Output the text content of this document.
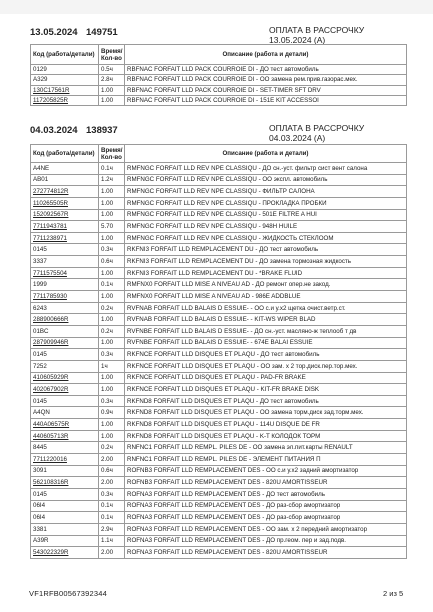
13.05.2024 149751	ОПЛАТА В РАССРОЧКУ
13.05.2024 (A)
Код (работа/детали)	Время/ Кол-во	Описание (работа и детали)
0129	0.5ч	RBFNAC FORFAIT LLD PACK COURROIE DI - ДО тест автомобиль
A329	2.8ч	RBFNAC FORFAIT LLD PACK COURROIE DI - ОО замена рем.прив.газорас.мех.
130C17561R	1.00	RBFNAC FORFAIT LLD PACK COURROIE DI - SET-TIMER SFT DRV
117205825R	1.00	RBFNAC FORFAIT LLD PACK COURROIE DI - 151E KIT ACCESSOI
04.03.2024 138937	ОПЛАТА В РАССРОЧКУ
04.03.2024 (A)
Код (работа/детали)	Время/ Кол-во	Описание (работа и детали)
A4NE	0.1ч	RMFNGC FORFAIT LLD REV NPE CLASSIQU - ДО сн.-уст. фильтр сист вент салона
AB01	1.2ч	RMFNGC FORFAIT LLD REV NPE CLASSIQU - ОО экспл. автомобиль
272774812R	1.00	RMFNGC FORFAIT LLD REV NPE CLASSIQU - ФИЛЬТР САЛОНА
110265505R	1.00	RMFNGC FORFAIT LLD REV NPE CLASSIQU - ПРОКЛАДКА ПРОБКИ
152092567R	1.00	RMFNGC FORFAIT LLD REV NPE CLASSIQU - 501E FILTRE A HUI
7711943781	5.70	RMFNGC FORFAIT LLD REV NPE CLASSIQU - 948H HUILE
7711238971	1.00	RMFNGC FORFAIT LLD REV NPE CLASSIQU - ЖИДКОСТЬ СТЕКЛООМ
0145	0.3ч	RKFNI3 FORFAIT LLD REMPLACEMENT DU - ДО тест автомобиль
3337	0.6ч	RKFNI3 FORFAIT LLD REMPLACEMENT DU - ДО замена тормозная жидкость
7711575504	1.00	RKFNI3 FORFAIT LLD REMPLACEMENT DU - *BRAKE FLUID
1999	0.1ч	RMFNX0 FORFAIT LLD MISE A NIVEAU AD - ДО ремонт опер.не закод.
7711785930	1.00	RMFNX0 FORFAIT LLD MISE A NIVEAU AD - 986E ADDBLUE
6243	0.2ч	RVFNAB FORFAIT LLD BALAIS D ESSUIE- - ОО с.и у.х2 щетка очист.ветр.ст.
288900666R	1.00	RVFNAB FORFAIT LLD BALAIS D ESSUIE- - KIT-WS WIPER BLAD
01BC	0.2ч	RVFNBE FORFAIT LLD BALAIS D ESSUIE- - ДО сн.-уст. масляно-ж теплооб т дв
287909946R	1.00	RVFNBE FORFAIT LLD BALAIS D ESSUIE- - 674E BALAI ESSUIE
0145	0.3ч	RKFNCE FORFAIT LLD DISQUES ET PLAQU - ДО тест автомобиль
7252	1ч	RKFNCE FORFAIT LLD DISQUES ET PLAQU - ОО зам. x 2 тор.диск.пер.тор.мех.
410605929R	1.00	RKFNCE FORFAIT LLD DISQUES ET PLAQU - PAD-FR BRAKE
402067902R	1.00	RKFNCE FORFAIT LLD DISQUES ET PLAQU - KIT-FR BRAKE DISK
0145	0.3ч	RKFND8 FORFAIT LLD DISQUES ET PLAQU - ДО тест автомобиль
A4QN	0.9ч	RKFND8 FORFAIT LLD DISQUES ET PLAQU - ОО замена торм.диск зад.торм.мех.
440A06575R	1.00	RKFND8 FORFAIT LLD DISQUES ET PLAQU - 114U DISQUE DE FR
440605713R	1.00	RKFND8 FORFAIT LLD DISQUES ET PLAQU - K-T КОЛОДОК ТОРМ
8445	0.2ч	RNFNC1 FORFAIT LLD REMPL. PILES DE - ОО замена эл.пит.карты RENAULT
7711220016	2.00	RNFNC1 FORFAIT LLD REMPL. PILES DE - ЭЛЕМЕНТ ПИТАНИЯ П
3091	0.6ч	ROFNB3 FORFAIT LLD REMPLACEMENT DES - ОО с.и у.х2 задний амортизатор
562108316R	2.00	ROFNB3 FORFAIT LLD REMPLACEMENT DES - 820U AMORTISSEUR
0145	0.3ч	ROFNA3 FORFAIT LLD REMPLACEMENT DES - ДО тест автомобиль
06I4	0.1ч	ROFNA3 FORFAIT LLD REMPLACEMENT DES - ДО раз-сбор амортизатор
06I4	0.1ч	ROFNA3 FORFAIT LLD REMPLACEMENT DES - ДО раз-сбор амортизатор
3381	2.9ч	ROFNA3 FORFAIT LLD REMPLACEMENT DES - ОО зам. x 2 передний амортизатор
A39R	1.1ч	ROFNA3 FORFAIT LLD REMPLACEMENT DES - ДО пр.геом. пер и зад.подв.
543022329R	2.00	ROFNA3 FORFAIT LLD REMPLACEMENT DES - 820U AMORTISSEUR
VF1RFB00567392344	2 из 5
